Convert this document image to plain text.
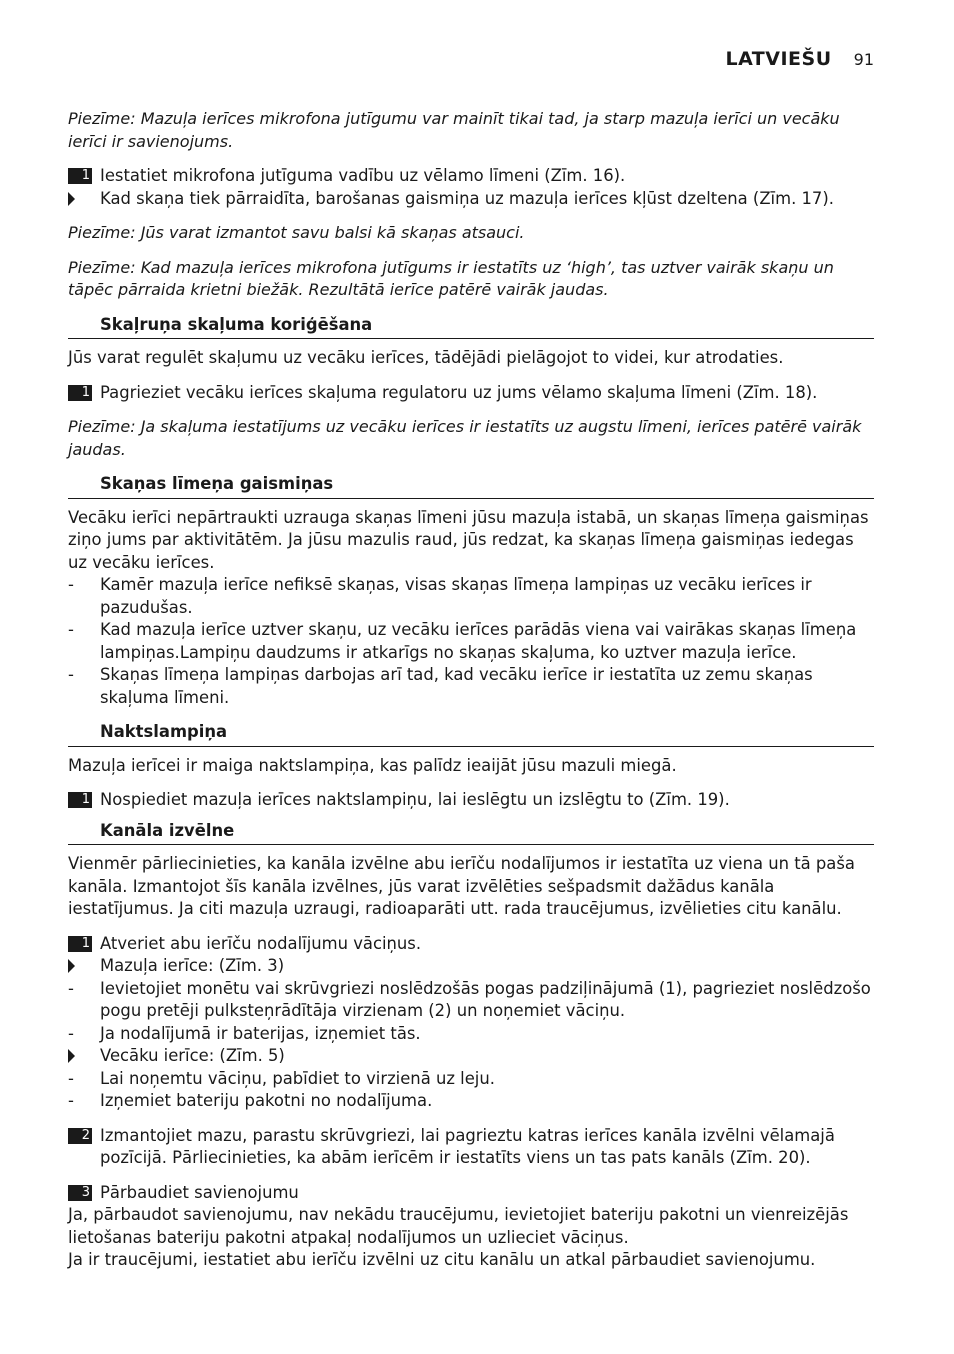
LATVIEŠU 91
Piezīme: Mazuļa ierīces mikrofona jutīgumu var mainīt tikai tad, ja starp mazuļa ierīci un vecāku ierīci ir savienojums.
1 Iestatiet mikrofona jutīguma vadību uz vēlamo līmeni (Zīm. 16).
Kad skaņa tiek pārraidīta, barošanas gaismiņa uz mazuļa ierīces kļūst dzeltena (Zīm. 17).
Piezīme: Jūs varat izmantot savu balsi kā skaņas atsauci.
Piezīme: Kad mazuļa ierīces mikrofona jutīgums ir iestatīts uz ‘high’, tas uztver vairāk skaņu un tāpēc pārraida krietni biežāk. Rezultātā ierīce patērē vairāk jaudas.
Skaļruņa skaļuma koriģēšana
Jūs varat regulēt skaļumu uz vecāku ierīces, tādējādi pielāgojot to videi, kur atrodaties.
1 Pagrieziet vecāku ierīces skaļuma regulatoru uz jums vēlamo skaļuma līmeni (Zīm. 18).
Piezīme: Ja skaļuma iestatījums uz vecāku ierīces ir iestatīts uz augstu līmeni, ierīces patērē vairāk jaudas.
Skaņas līmeņa gaismiņas
Vecāku ierīci nepārtraukti uzrauga skaņas līmeni jūsu mazuļa istabā, un skaņas līmeņa gaismiņas ziņo jums par aktivitātēm. Ja jūsu mazulis raud, jūs redzat, ka skaņas līmeņa gaismiņas iedegas uz vecāku ierīces.
-	Kamēr mazuļa ierīce nefiksē skaņas, visas skaņas līmeņa lampiņas uz vecāku ierīces ir pazudušas.
-	Kad mazuļa ierīce uztver skaņu, uz vecāku ierīces parādās viena vai vairākas skaņas līmeņa lampiņas.Lampiņu daudzums ir atkarīgs no skaņas skaļuma, ko uztver mazuļa ierīce.
-	Skaņas līmeņa lampiņas darbojas arī tad, kad vecāku ierīce ir iestatīta uz zemu skaņas skaļuma līmeni.
Naktslampiņa
Mazuļa ierīcei ir maiga naktslampiņa, kas palīdz ieaijāt jūsu mazuli miegā.
1 Nospiediet mazuļa ierīces naktslampiņu, lai ieslēgtu un izslēgtu to (Zīm. 19).
Kanāla izvēlne
Vienmēr pārliecinieties, ka kanāla izvēlne abu ierīču nodalījumos ir iestatīta uz viena un tā paša kanāla. Izmantojot šīs kanāla izvēlnes, jūs varat izvēlēties sešpadsmit dažādus kanāla iestatījumus. Ja citi mazuļa uzraugi, radioaparāti utt. rada traucējumus, izvēlieties citu kanālu.
1 Atveriet abu ierīču nodalījumu vāciņus.
Mazuļa ierīce: (Zīm. 3)
-	Ievietojiet monētu vai skrūvgriezi noslēdzošās pogas padziļinājumā (1), pagrieziet noslēdzošo pogu pretēji pulksteņrādītāja virzienam (2) un noņemiet vāciņu.
-	Ja nodalījumā ir baterijas, izņemiet tās.
Vecāku ierīce: (Zīm. 5)
-	Lai noņemtu vāciņu, pabīdiet to virzienā uz leju.
-	Izņemiet bateriju pakotni no nodalījuma.
2 Izmantojiet mazu, parastu skrūvgriezi, lai pagrieztu katras ierīces kanāla izvēlni vēlamajā pozīcijā. Pārliecinieties, ka abām ierīcēm ir iestatīts viens un tas pats kanāls (Zīm. 20).
3 Pārbaudiet savienojumu
Ja, pārbaudot savienojumu, nav nekādu traucējumu, ievietojiet bateriju pakotni un vienreizējās lietošanas bateriju pakotni atpakaļ nodalījumos un uzlieciet vāciņus.
Ja ir traucējumi, iestatiet abu ierīču izvēlni uz citu kanālu un atkal pārbaudiet savienojumu.
